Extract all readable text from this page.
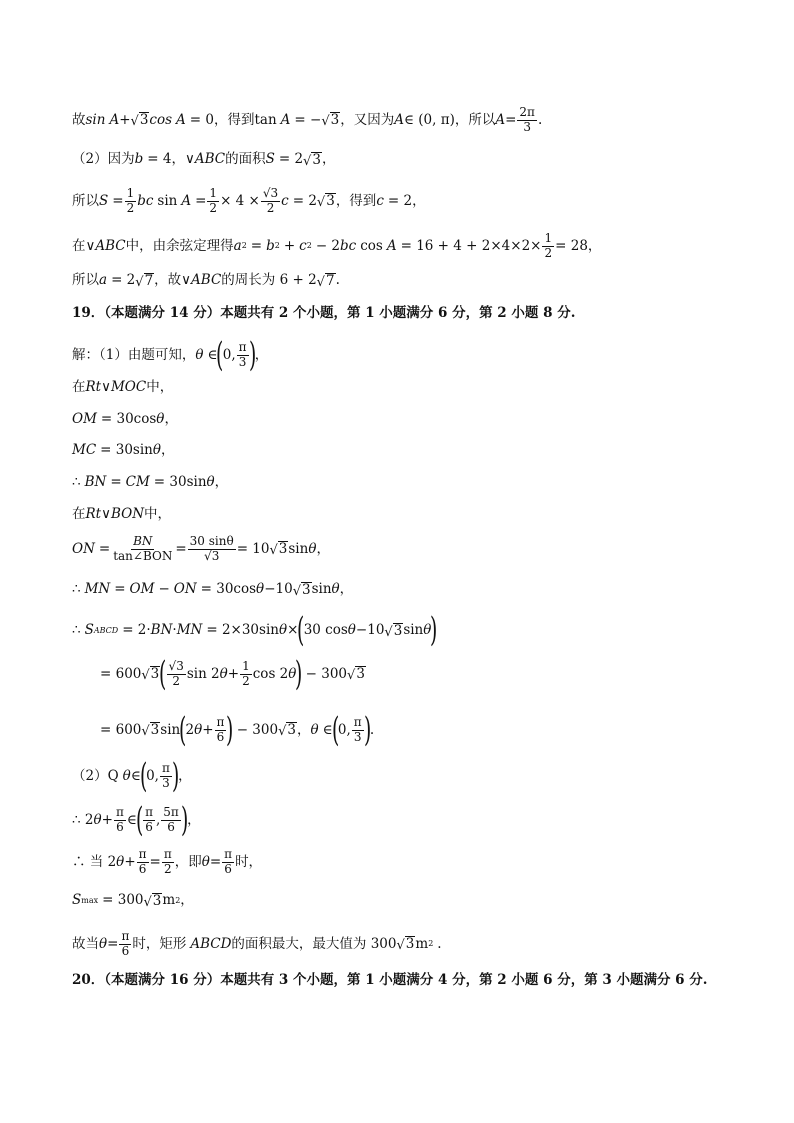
故 sin A + √ 3 cos A = 0，得到 tan A = − √ 3 ，又因为 A ∈ (0, π)，所以 $A = \frac{2\pi}{3}$ .
（2）因为 b = 4， ∨ABC 的面积 S = 2 √ 3 ，
所以 $S = \frac{1}{2}$ bc $\sin A = \frac{1}{2} \times 4 \times \frac{√3}{2}$ c = 2 √ 3 ，得到 c = 2，
在 ∨ABC 中，由余弦定理得 a 2 = b 2 + c 2 − 2 bc $\cos A = 16 + 4 + 2\times 4\times 2\times \frac{1}{2} = 28$，
所以 a = 2 √ 7 ，故 ∨ABC 的周长为 6 + 2 √ 7 .
19．（本题满分 14 分）本题共有 2 个小题，第 1 小题满分 6 分，第 2 小题 8 分.
解：（1）由题可知， θ ∈
(
0, $\frac{\pi}{3}$ )
，
在 Rt∨MOC 中，
OM = 30cos θ ，
MC = 30sin θ ，
∴ BN = CM = 30sin θ ，
在 Rt∨BON 中，
ON = $\frac{BN}{\text{tan∠BON}} = \frac{30 \sin\theta}{√3} = 10$ √ 3 sin θ ，
∴ MN = OM − ON = 30cos θ −10 √ 3 sin θ ，
∴ S ABCD = 2· BN · MN = 2×30sin θ ×
(
30 cos θ −10 √ 3 sin θ
)
= 600 √ 3 ( $\frac{√3}{2}$ sin 2 $\theta + \frac{1}{2}$ cos 2 θ
) − 300 √ 3
= 600 √ 3 sin
(
2 $\theta + \frac{\pi}{6}$ ) − 300 √ 3 ， θ ∈
(
0, $\frac{\pi}{3}$ )
.
（2） Q θ ∈
(
0, $\frac{\pi}{3}$ )
，
∴ 2 $\theta + \frac{\pi}{6}$ ∈
( $\frac{\pi}{6}$ , $\frac{5\pi}{6}$ )
，
∴ 当 2 $\theta + \frac{\pi}{6} = \frac{\pi}{2}$ ，即 $\theta = \frac{\pi}{6}$ 时，
S max = 300 √ 3 m 2 ，
故当 $\theta = \frac{\pi}{6}$ 时，矩形 ABCD 的面积最大，最大值为 300 √ 3 m 2 .
20．（本题满分 16 分）本题共有 3 个小题，第 1 小题满分 4 分，第 2 小题 6 分，第 3 小题满分 6 分.
